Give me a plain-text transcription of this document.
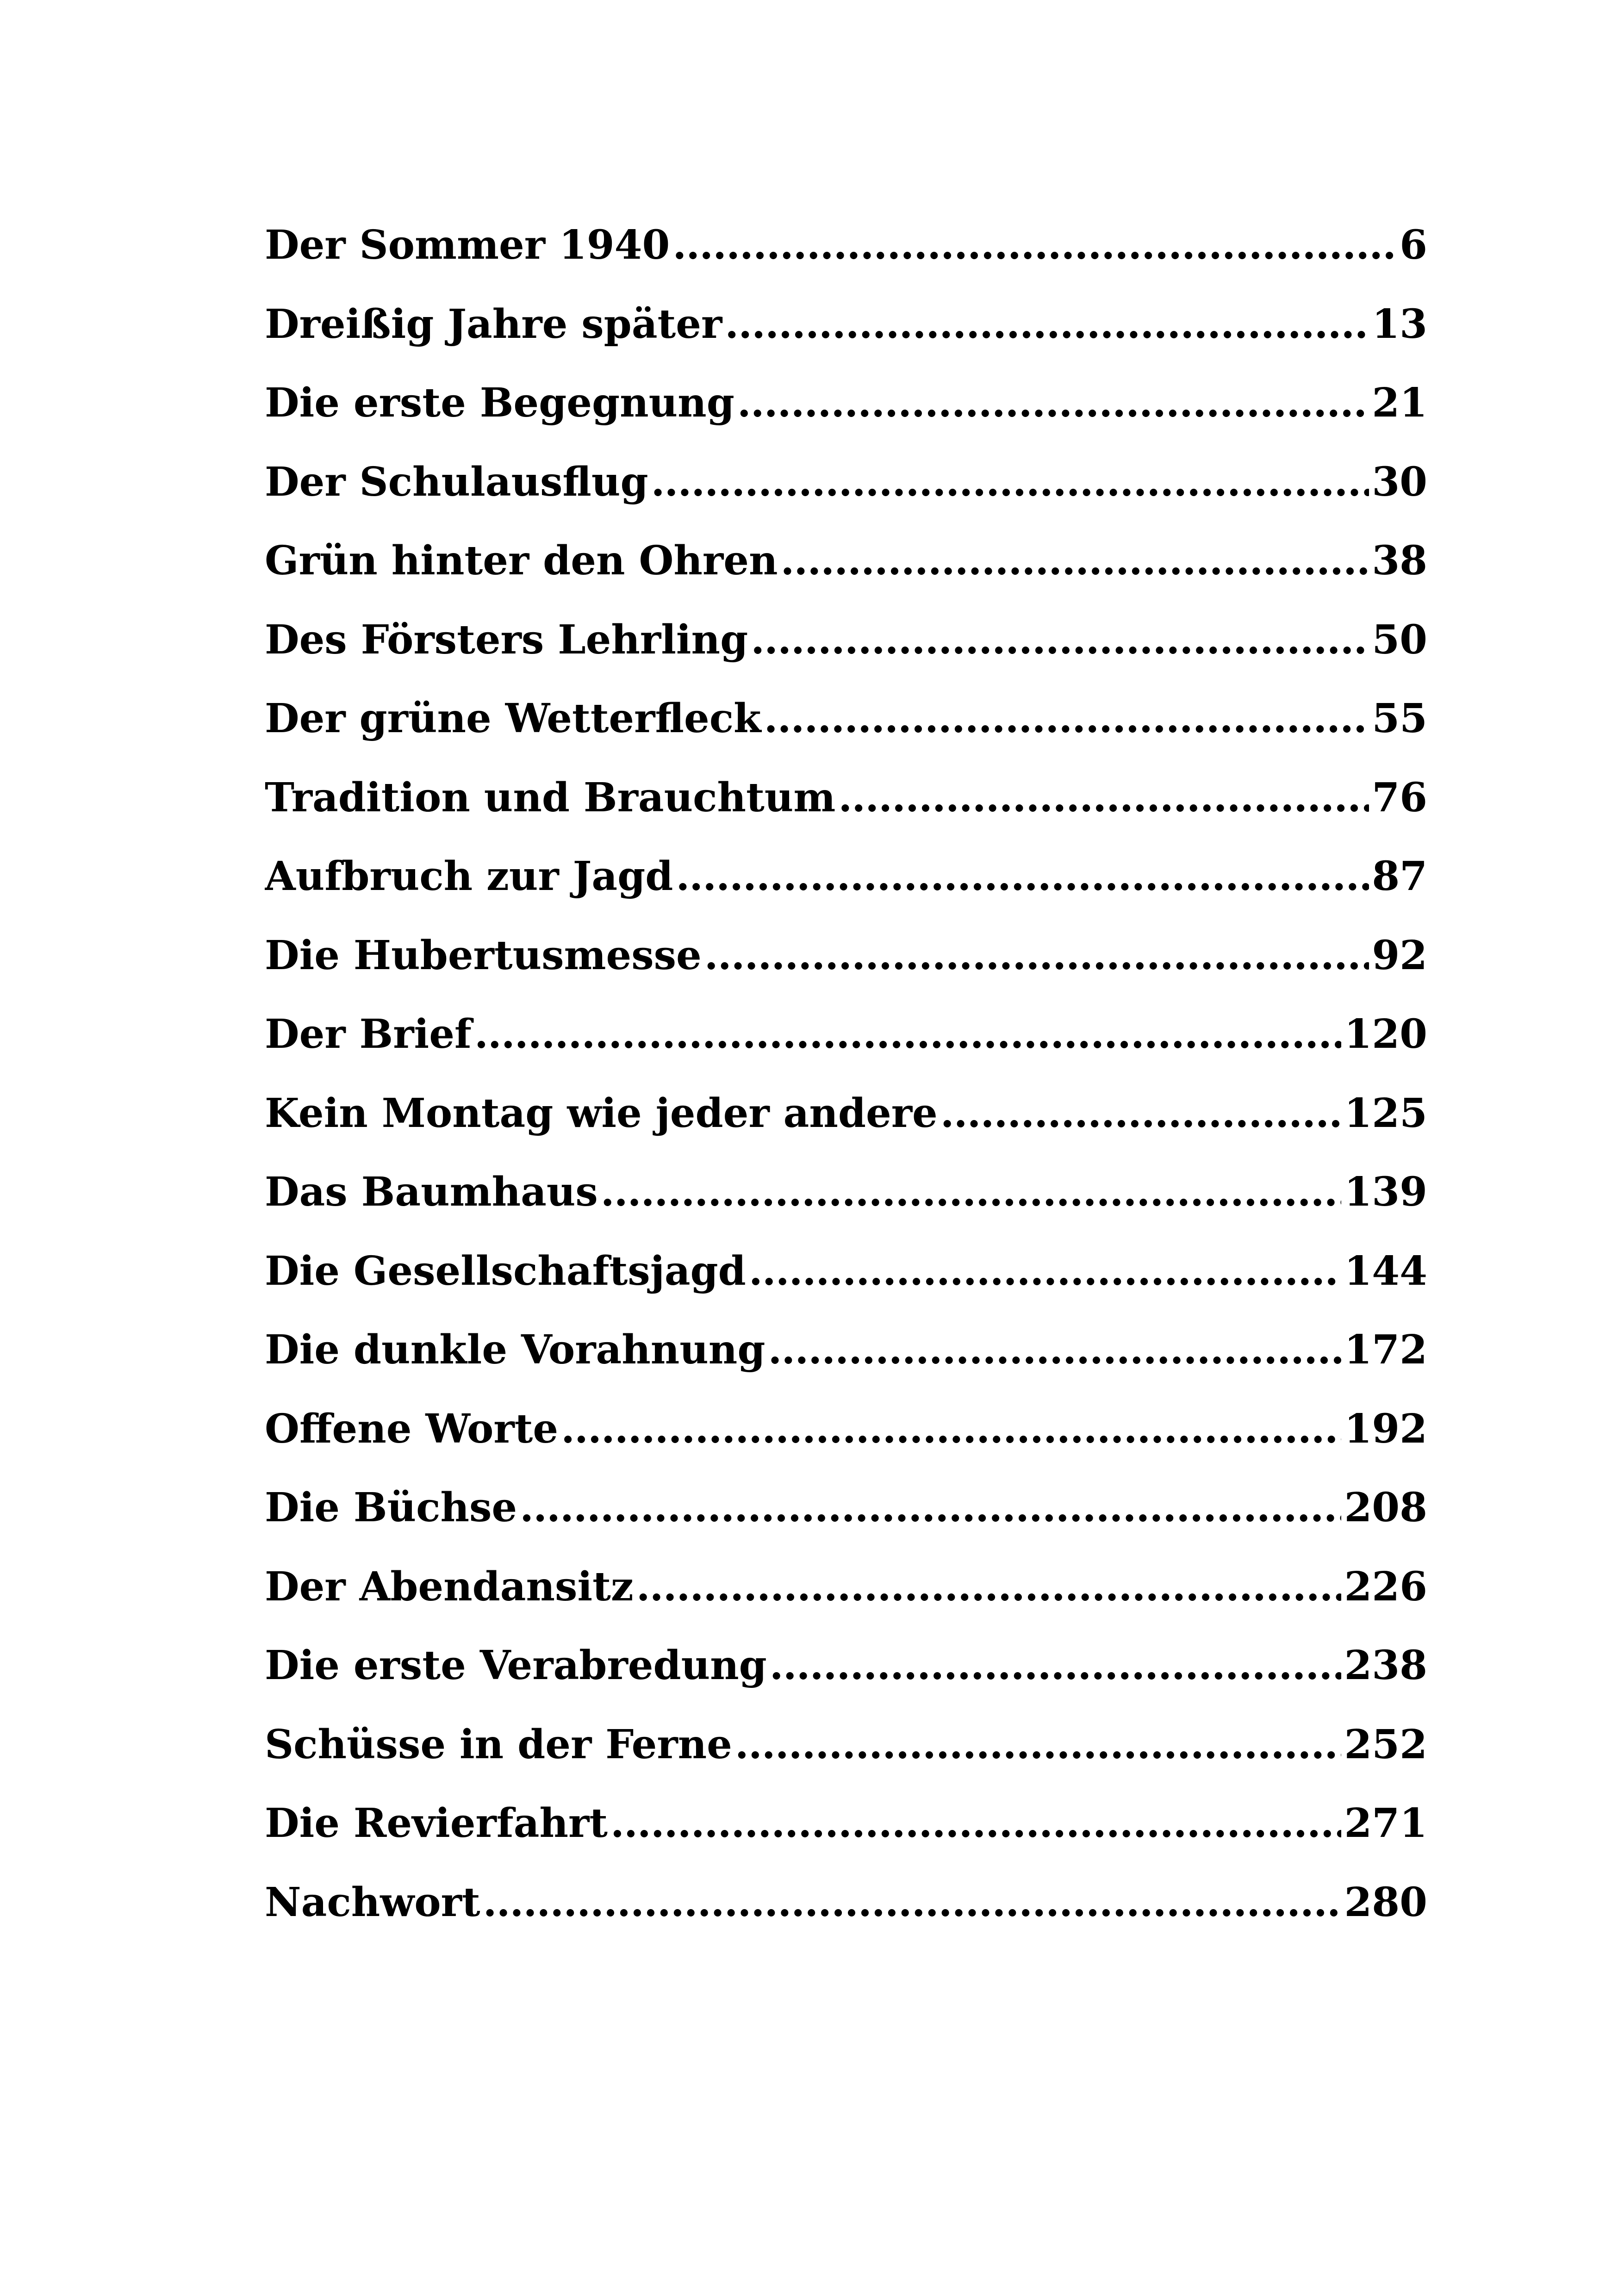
Der Sommer 1940 .....	6
Dreißig Jahre später .....	13
Die erste Begegnung .....	21
Der Schulausflug .....	30
Grün hinter den Ohren .....	38
Des Försters Lehrling .....	50
Der grüne Wetterfleck .....	55
Tradition und Brauchtum .....	76
Aufbruch zur Jagd .....	87
Die Hubertusmesse .....	92
Der Brief .....	120
Kein Montag wie jeder andere .....	125
Das Baumhaus .....	139
Die Gesellschaftsjagd .....	144
Die dunkle Vorahnung .....	172
Offene Worte .....	192
Die Büchse .....	208
Der Abendansitz .....	226
Die erste Verabredung .....	238
Schüsse in der Ferne .....	252
Die Revierfahrt .....	271
Nachwort .....	280
